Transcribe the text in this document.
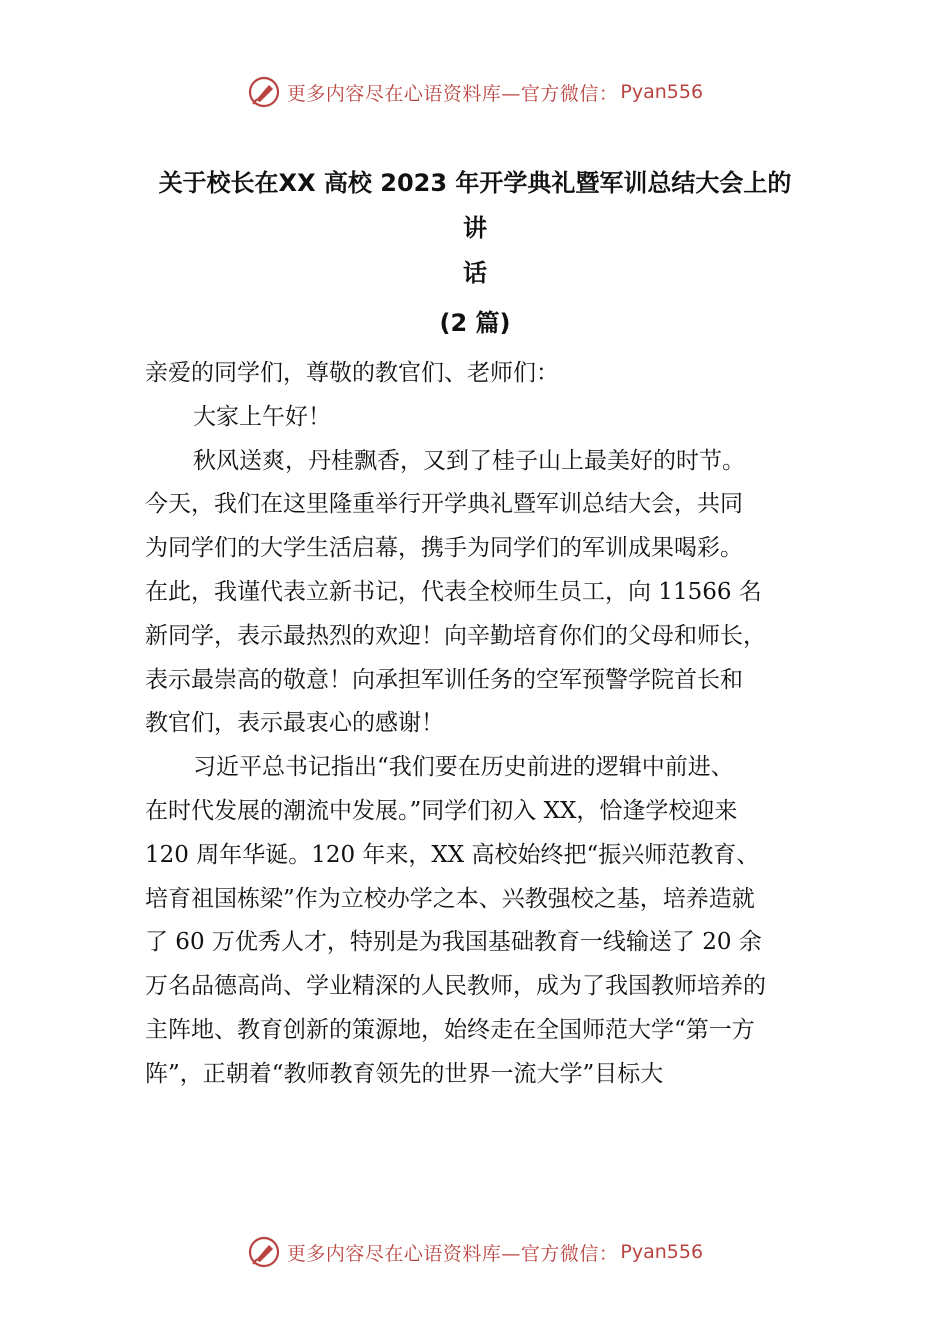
更多内容尽在心语资料库—官方微信： Pyan556
关于校长在XX 高校 2023 年开学典礼暨军训总结大会上的
讲
话
(2 篇)
亲爱的同学们，尊敬的教官们、老师们：
大家上午好！
秋风送爽，丹桂飘香，又到了桂子山上最美好的时节。
今天，我们在这里隆重举行开学典礼暨军训总结大会，共同
为同学们的大学生活启幕，携手为同学们的军训成果喝彩。
在此，我谨代表立新书记，代表全校师生员工，向 11566 名
新同学，表示最热烈的欢迎！向辛勤培育你们的父母和师长，
表示最崇高的敬意！向承担军训任务的空军预警学院首长和
教官们，表示最衷心的感谢！
习近平总书记指出“我们要在历史前进的逻辑中前进、
在时代发展的潮流中发展。”同学们初入 XX，恰逢学校迎来
120 周年华诞。120 年来，XX 高校始终把“振兴师范教育、
培育祖国栋梁”作为立校办学之本、兴教强校之基，培养造就
了 60 万优秀人才，特别是为我国基础教育一线输送了 20 余
万名品德高尚、学业精深的人民教师，成为了我国教师培养的
主阵地、教育创新的策源地，始终走在全国师范大学“第一方
阵”，正朝着“教师教育领先的世界一流大学”目标大
更多内容尽在心语资料库—官方微信： Pyan556
